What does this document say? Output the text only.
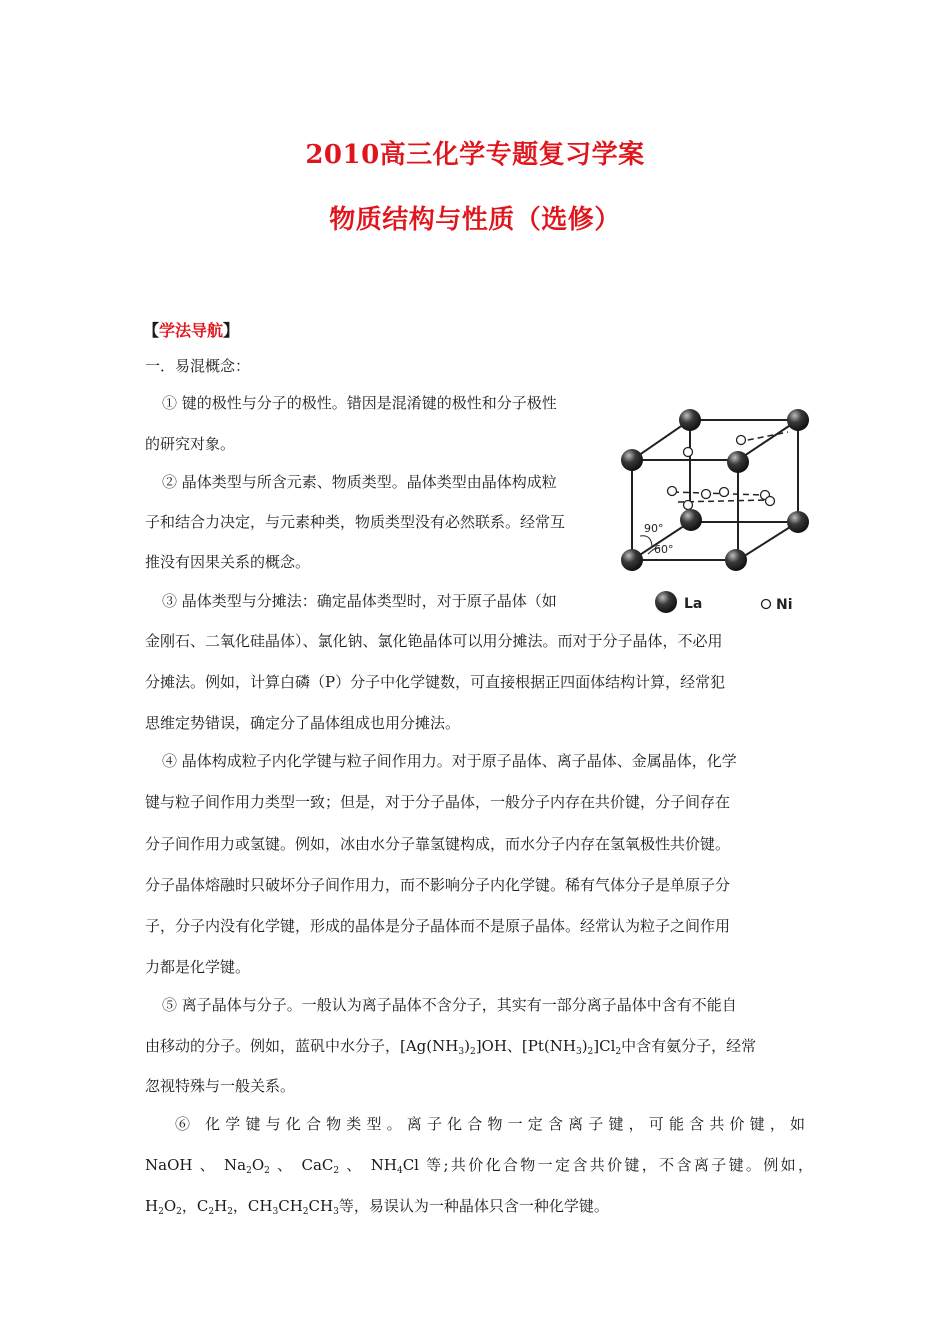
2010高三化学专题复习学案
物质结构与性质（选修）
【学法导航】
一．易混概念：
① 键的极性与分子的极性。错因是混淆键的极性和分子极性
的研究对象。
② 晶体类型与所含元素、物质类型。晶体类型由晶体构成粒
子和结合力决定，与元素种类，物质类型没有必然联系。经常互
推没有因果关系的概念。
③ 晶体类型与分摊法：确定晶体类型时，对于原子晶体（如
金刚石、二氧化硅晶体）、氯化钠、氯化铯晶体可以用分摊法。而对于分子晶体，不必用
分摊法。例如，计算白磷（P）分子中化学键数，可直接根据正四面体结构计算，经常犯
思维定势错误，确定分了晶体组成也用分摊法。
④ 晶体构成粒子内化学键与粒子间作用力。对于原子晶体、离子晶体、金属晶体，化学
键与粒子间作用力类型一致；但是，对于分子晶体，一般分子内存在共价键，分子间存在
分子间作用力或氢键。例如，冰由水分子靠氢键构成，而水分子内存在氢氧极性共价键。
分子晶体熔融时只破坏分子间作用力，而不影响分子内化学键。稀有气体分子是单原子分
子，分子内没有化学键，形成的晶体是分子晶体而不是原子晶体。经常认为粒子之间作用
力都是化学键。
⑤ 离子晶体与分子。一般认为离子晶体不含分子，其实有一部分离子晶体中含有不能自
由移动的分子。例如，蓝矾中水分子，$[Ag(NH_3)_2]OH$、$[Pt(NH_3)_2]Cl_2$中含有氨分子，经常
忽视特殊与一般关系。
⑥ 化学键与化合物类型。离子化合物一定含离子键，可能含共价键，如
NaOH 、 $Na_2O_2$ 、 CaC$_2$ 、 $NH_4Cl$ 等;共价化合物一定含共价键，不含离子键。例如，
$H_2O_2$，$C_2H_2$，$CH_3CH_2CH_3$等，易误认为一种晶体只含一种化学键。
90°
60°
La	Ni
